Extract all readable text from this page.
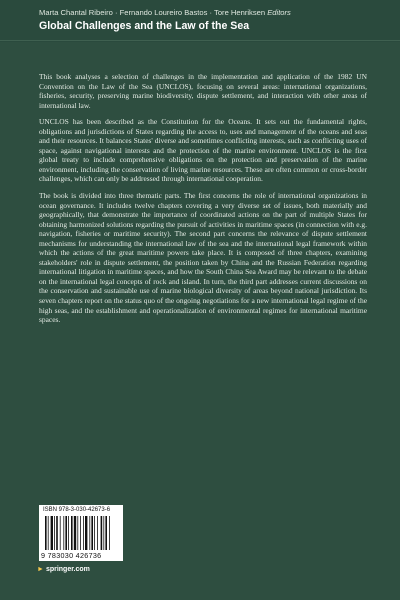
Marta Chantal Ribeiro · Fernando Loureiro Bastos · Tore Henriksen Editors
Global Challenges and the Law of the Sea

This book analyses a selection of challenges in the implementation and application of the 1982 UN Convention on the Law of the Sea (UNCLOS), focusing on several areas: international organizations, fisheries, security, preserving marine biodiversity, dispute settlement, and interaction with other areas of international law.

UNCLOS has been described as the Constitution for the Oceans. It sets out the fundamental rights, obligations and jurisdictions of States regarding the access to, uses and management of the oceans and seas and their resources. It balances States' diverse and sometimes conflicting interests, such as conflicting uses of space, against navigational interests and the protection of the marine environment. UNCLOS is the first global treaty to include comprehensive obligations on the protection and preservation of the marine environment, including the conservation of living marine resources. These are often common or cross-border challenges, which can only be addressed through international cooperation.

The book is divided into three thematic parts. The first concerns the role of international organizations in ocean governance. It includes twelve chapters covering a very diverse set of issues, both materially and geographically, that demonstrate the importance of coordinated actions on the part of multiple States for obtaining harmonized solutions regarding the pursuit of activities in maritime spaces (in connection with e.g. navigation, fisheries or maritime security). The second part concerns the relevance of dispute settlement mechanisms for understanding the international law of the sea and the international legal framework within which the actions of the great maritime powers take place. It is composed of three chapters, examining stakeholders' role in dispute settlement, the position taken by China and the Russian Federation regarding international litigation in maritime spaces, and how the South China Sea Award may be relevant to the debate on the international legal concepts of rock and island. In turn, the third part addresses current discussions on the conservation and sustainable use of marine biological diversity of areas beyond national jurisdiction. Its seven chapters report on the status quo of the ongoing negotiations for a new international legal regime of the high seas, and the establishment and operationalization of environmental regimes for international maritime spaces.

ISBN 978-3-030-42673-6
9 783030 426736
► springer.com
